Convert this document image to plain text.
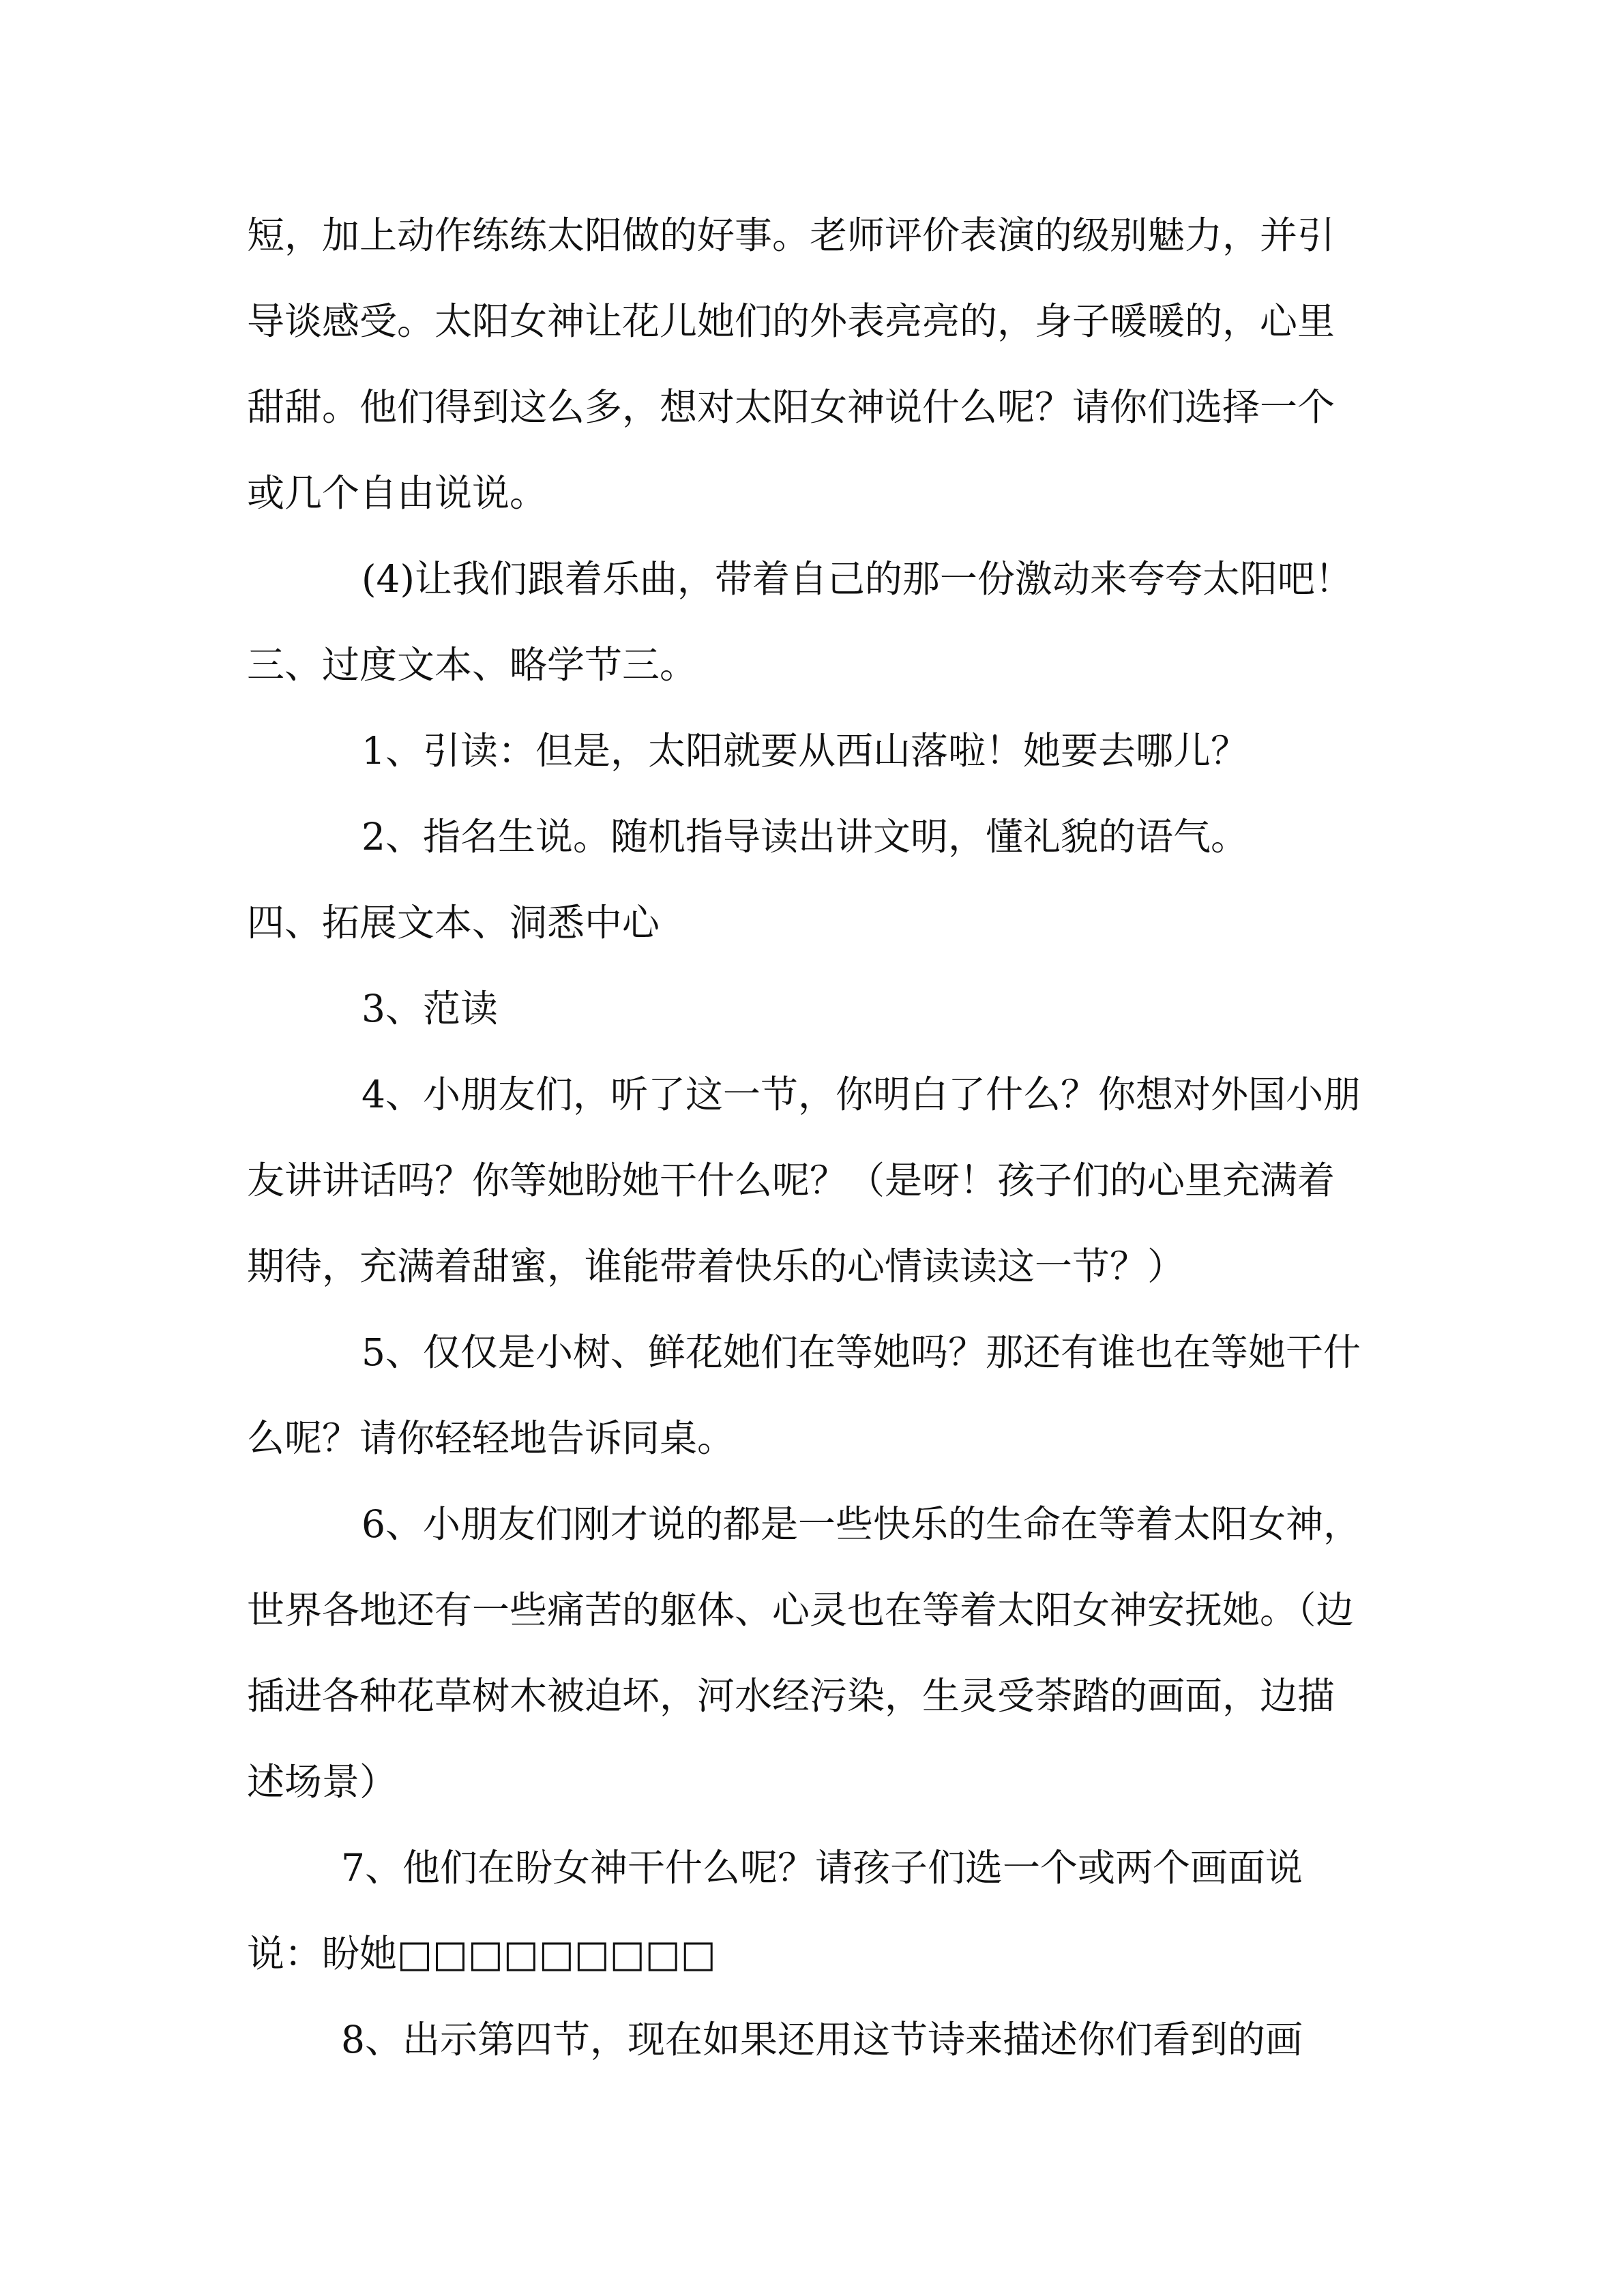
短，加上动作练练太阳做的好事。老师评价表演的级别魅力，并引
导谈感受。太阳女神让花儿她们的外表亮亮的，身子暖暖的，心里
甜甜。他们得到这么多，想对太阳女神说什么呢？请你们选择一个
或几个自由说说。
(4)让我们跟着乐曲，带着自己的那一份激动来夸夸太阳吧！
三、过度文本、略学节三。
1、引读：但是，太阳就要从西山落啦！她要去哪儿？
2、指名生说。随机指导读出讲文明，懂礼貌的语气。
四、拓展文本、洞悉中心
3、范读
4、小朋友们，听了这一节，你明白了什么？你想对外国小朋
友讲讲话吗？你等她盼她干什么呢？（是呀！孩子们的心里充满着
期待，充满着甜蜜，谁能带着快乐的心情读读这一节？）
5、仅仅是小树、鲜花她们在等她吗？那还有谁也在等她干什
么呢？请你轻轻地告诉同桌。
6、小朋友们刚才说的都是一些快乐的生命在等着太阳女神，
世界各地还有一些痛苦的躯体、心灵也在等着太阳女神安抚她。（边
插进各种花草树木被迫坏，河水经污染，生灵受荼踏的画面，边描
述场景）
7、他们在盼女神干什么呢？请孩子们选一个或两个画面说
说：盼她□□□□□□□□□
8、出示第四节，现在如果还用这节诗来描述你们看到的画
